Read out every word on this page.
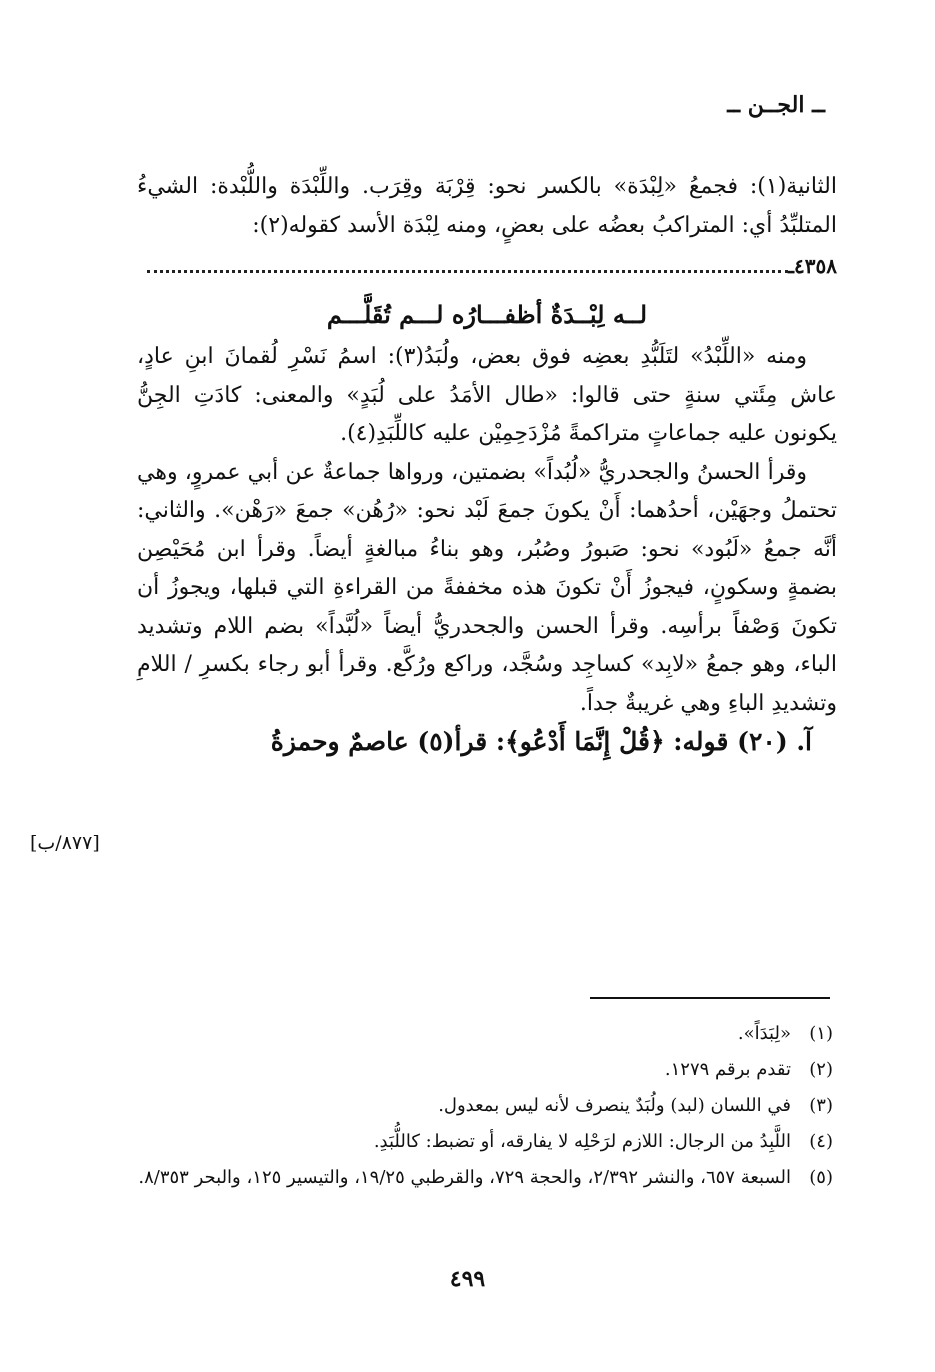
ــ الجــن ــ

الثانية(١): فجمعُ «لِبْدَة» بالكسر نحو: قِرْبَة وقِرَب. واللِّبْدَة واللُّبْدة: الشيءُ المتلبِّدُ أي: المتراكبُ بعضُه على بعضٍ، ومنه لِبْدَة الأسد كقوله(٢):

٤٣٥٨ـ
لــه لِبْــدَةٌ أظفـــارُه لـــم تُقَلَّـــم

ومنه «اللِّبْدُ» لتَلَبُّدِ بعضِه فوق بعض، ولُبَدُ(٣): اسمُ نَسْرِ لُقمانَ ابنِ عادٍ، عاش مِئَتي سنةٍ حتى قالوا: «طال الأمَدُ على لُبَدٍ» والمعنى: كادَتِ الجِنُّ يكونون عليه جماعاتٍ متراكمةً مُزْدَحِمِيْن عليه كاللِّبَدِ(٤).

وقرأ الحسنُ والجحدريُّ «لُبُداً» بضمتين، ورواها جماعةٌ عن أبي عمروٍ، وهي تحتملُ وجهَيْن، أحدُهما: أَنْ يكونَ جمعَ لَبْد نحو: «رُهُن» جمعَ «رَهْن». والثاني: أنَّه جمعُ «لَبُود» نحو: صَبورُ وصُبُر، وهو بناءُ مبالغةٍ أيضاً. وقرأ ابن مُحَيْصِن بضمةٍ وسكونٍ، فيجوزُ أَنْ تكونَ هذه مخففةً من القراءةِ التي قبلها، ويجوزُ أن تكونَ وَصْفاً برأسِه. وقرأ الحسن والجحدريُّ أيضاً «لُبَّداً» بضم اللام وتشديد الباء، وهو جمعُ «لابِد» كساجِد وسُجَّد، وراكع ورُكَّع. وقرأ أبو رجاء بكسرِ / اللامِ وتشديدِ الباءِ وهي غريبةٌ جداً.

آ. (٢٠) قوله: ﴿قُلْ إِنَّمَا أَدْعُو﴾: قرأ(٥) عاصمٌ وحمزةُ

[٨٧٧/ب]
(١)
«لِبَدَاً».
(٢)
تقدم برقم ١٢٧٩.
(٣)
في اللسان (لبد) ولُبَدٌ ينصرف لأنه ليس بمعدول.
(٤)
اللَّبِدُ من الرجال: اللازم لرَحْلِه لا يفارقه، أو تضبط: كاللُّبَدِ.
(٥)
السبعة ٦٥٧، والنشر ٢/٣٩٢، والحجة ٧٢٩، والقرطبي ١٩/٢٥، والتيسير ١٢٥، والبحر ٨/٣٥٣.
٤٩٩
